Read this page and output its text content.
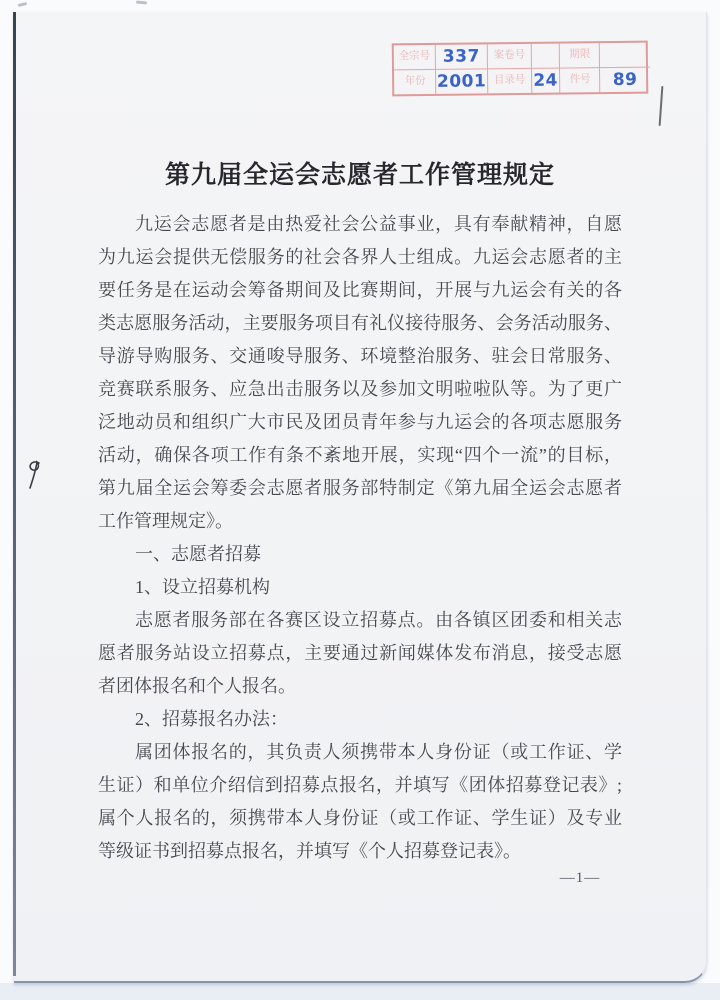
全宗号 337 案卷号	期限
年份 2001 目录号 24 件号 89
第九届全运会志愿者工作管理规定
九运会志愿者是由热爱社会公益事业，具有奉献精神，自愿
为九运会提供无偿服务的社会各界人士组成。九运会志愿者的主
要任务是在运动会筹备期间及比赛期间，开展与九运会有关的各
类志愿服务活动，主要服务项目有礼仪接待服务、会务活动服务、
导游导购服务、交通唆导服务、环境整治服务、驻会日常服务、
竞赛联系服务、应急出击服务以及参加文明啦啦队等。为了更广
泛地动员和组织广大市民及团员青年参与九运会的各项志愿服务
活动，确保各项工作有条不紊地开展，实现“四个一流”的目标，
第九届全运会筹委会志愿者服务部特制定《第九届全运会志愿者
工作管理规定》。
一、志愿者招募
1、设立招募机构
志愿者服务部在各赛区设立招募点。由各镇区团委和相关志
愿者服务站设立招募点，主要通过新闻媒体发布消息，接受志愿
者团体报名和个人报名。
2、招募报名办法：
属团体报名的，其负责人须携带本人身份证（或工作证、学
生证）和单位介绍信到招募点报名，并填写《团体招募登记表》;
属个人报名的，须携带本人身份证（或工作证、学生证）及专业
等级证书到招募点报名，并填写《个人招募登记表》。
—1—
